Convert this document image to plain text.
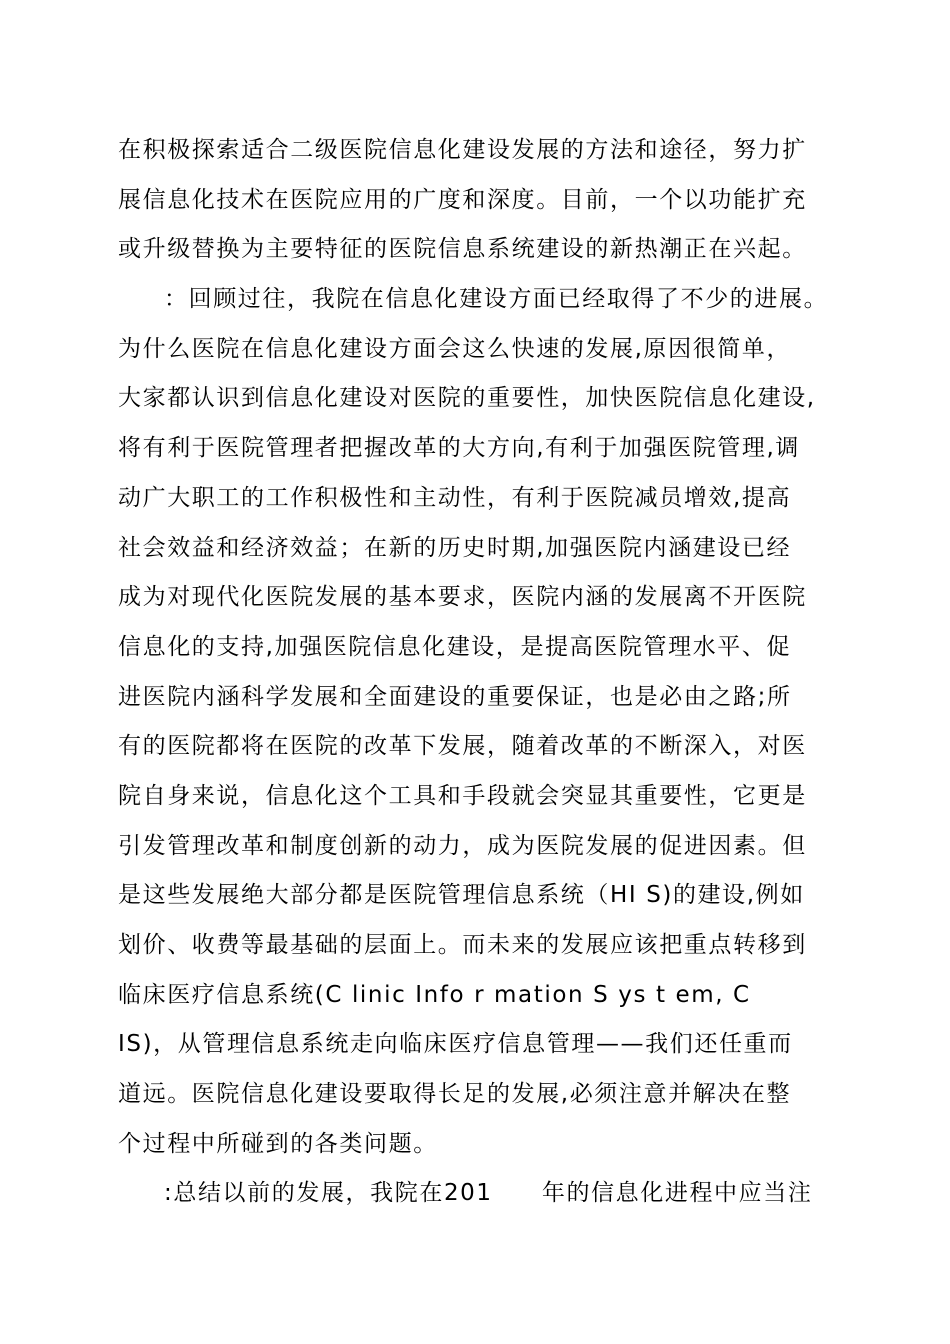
在积极探索适合二级医院信息化建设发展的方法和途径，努力扩
展信息化技术在医院应用的广度和深度。目前，一个以功能扩充
或升级替换为主要特征的医院信息系统建设的新热潮正在兴起。
：回顾过往，我院在信息化建设方面已经取得了不少的进展。
为什么医院在信息化建设方面会这么快速的发展,原因很简单，
大家都认识到信息化建设对医院的重要性，加快医院信息化建设,
将有利于医院管理者把握改革的大方向,有利于加强医院管理,调
动广大职工的工作积极性和主动性，有利于医院减员增效,提高
社会效益和经济效益；在新的历史时期,加强医院内涵建设已经
成为对现代化医院发展的基本要求，医院内涵的发展离不开医院
信息化的支持,加强医院信息化建设，是提高医院管理水平、促
进医院内涵科学发展和全面建设的重要保证，也是必由之路;所
有的医院都将在医院的改革下发展，随着改革的不断深入，对医
院自身来说，信息化这个工具和手段就会突显其重要性，它更是
引发管理改革和制度创新的动力，成为医院发展的促进因素。但
是这些发展绝大部分都是医院管理信息系统（HI S)的建设,例如
划价、收费等最基础的层面上。而未来的发展应该把重点转移到
临床医疗信息系统(C linic Info r mation S ys t em, C
IS)，从管理信息系统走向临床医疗信息管理——我们还任重而
道远。医院信息化建设要取得长足的发展,必须注意并解决在整
个过程中所碰到的各类问题。
:总结以前的发展，我院在201　　年的信息化进程中应当注
